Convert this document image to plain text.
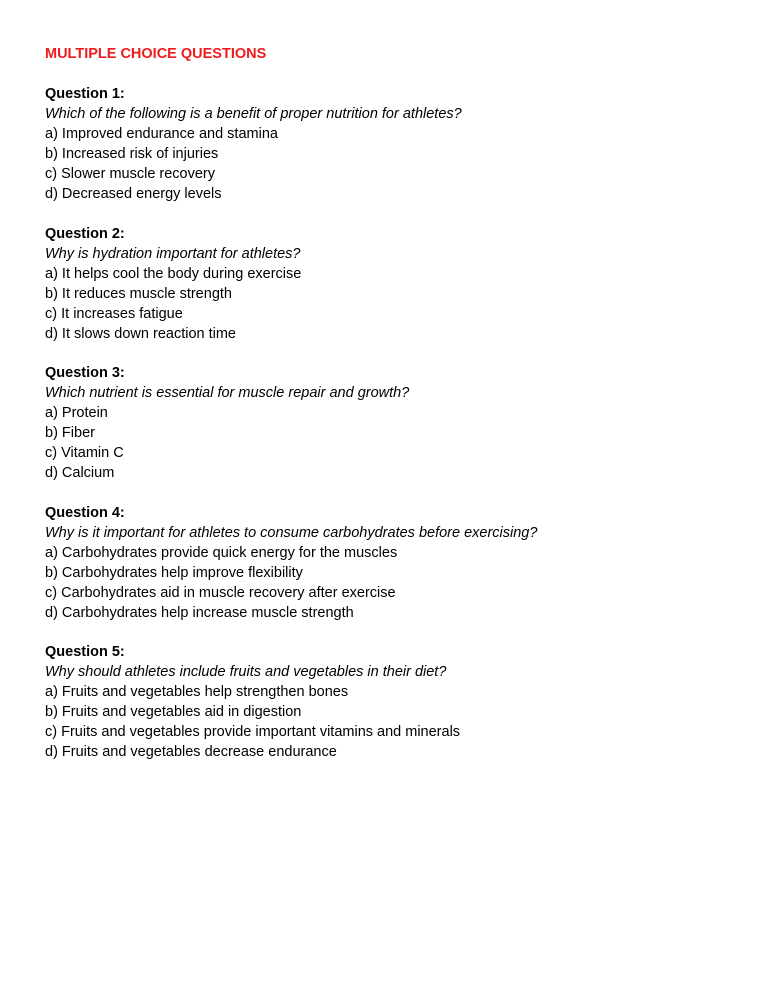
MULTIPLE CHOICE QUESTIONS
Question 1:
Which of the following is a benefit of proper nutrition for athletes?
a) Improved endurance and stamina
b) Increased risk of injuries
c) Slower muscle recovery
d) Decreased energy levels
Question 2:
Why is hydration important for athletes?
a) It helps cool the body during exercise
b) It reduces muscle strength
c) It increases fatigue
d) It slows down reaction time
Question 3:
Which nutrient is essential for muscle repair and growth?
a) Protein
b) Fiber
c) Vitamin C
d) Calcium
Question 4:
Why is it important for athletes to consume carbohydrates before exercising?
a) Carbohydrates provide quick energy for the muscles
b) Carbohydrates help improve flexibility
c) Carbohydrates aid in muscle recovery after exercise
d) Carbohydrates help increase muscle strength
Question 5:
Why should athletes include fruits and vegetables in their diet?
a) Fruits and vegetables help strengthen bones
b) Fruits and vegetables aid in digestion
c) Fruits and vegetables provide important vitamins and minerals
d) Fruits and vegetables decrease endurance
